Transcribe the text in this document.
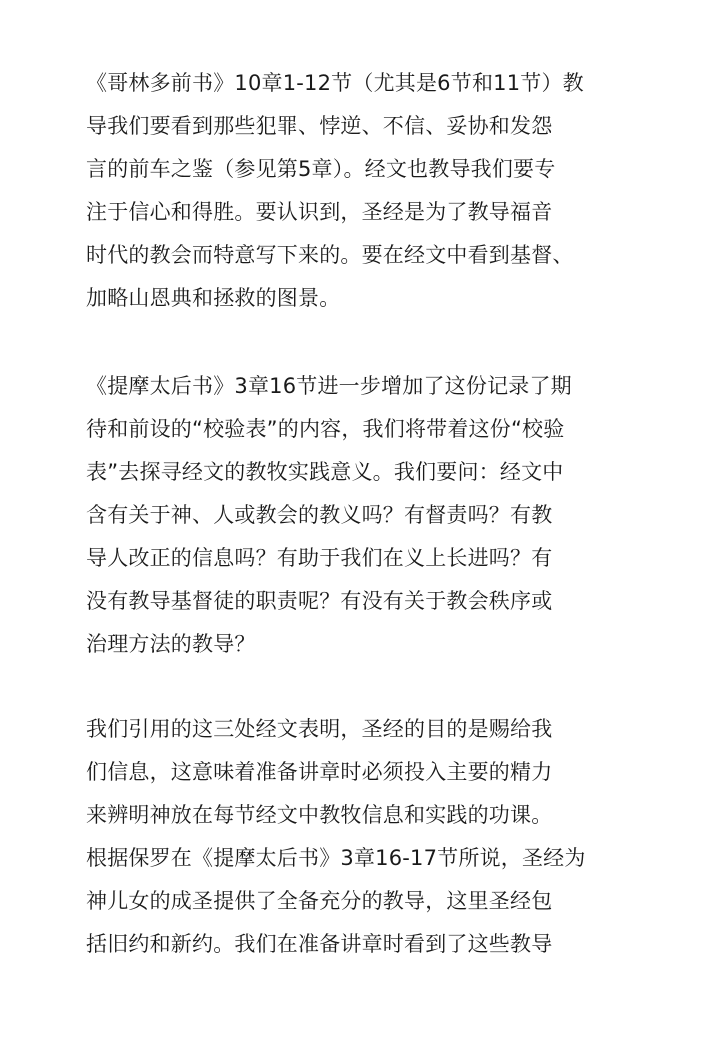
《哥林多前书》10章1-12节（尤其是6节和11节）教
导我们要看到那些犯罪、悖逆、不信、妥协和发怨
言的前车之鉴（参见第5章）。经文也教导我们要专
注于信心和得胜。要认识到，圣经是为了教导福音
时代的教会而特意写下来的。要在经文中看到基督、
加略山恩典和拯救的图景。
《提摩太后书》3章16节进一步增加了这份记录了期
待和前设的“校验表”的内容，我们将带着这份“校验
表”去探寻经文的教牧实践意义。我们要问：经文中
含有关于神、人或教会的教义吗？有督责吗？有教
导人改正的信息吗？有助于我们在义上长进吗？有
没有教导基督徒的职责呢？有没有关于教会秩序或
治理方法的教导？
我们引用的这三处经文表明，圣经的目的是赐给我
们信息，这意味着准备讲章时必须投入主要的精力
来辨明神放在每节经文中教牧信息和实践的功课。
根据保罗在《提摩太后书》3章16-17节所说，圣经为
神儿女的成圣提供了全备充分的教导，这里圣经包
括旧约和新约。我们在准备讲章时看到了这些教导
